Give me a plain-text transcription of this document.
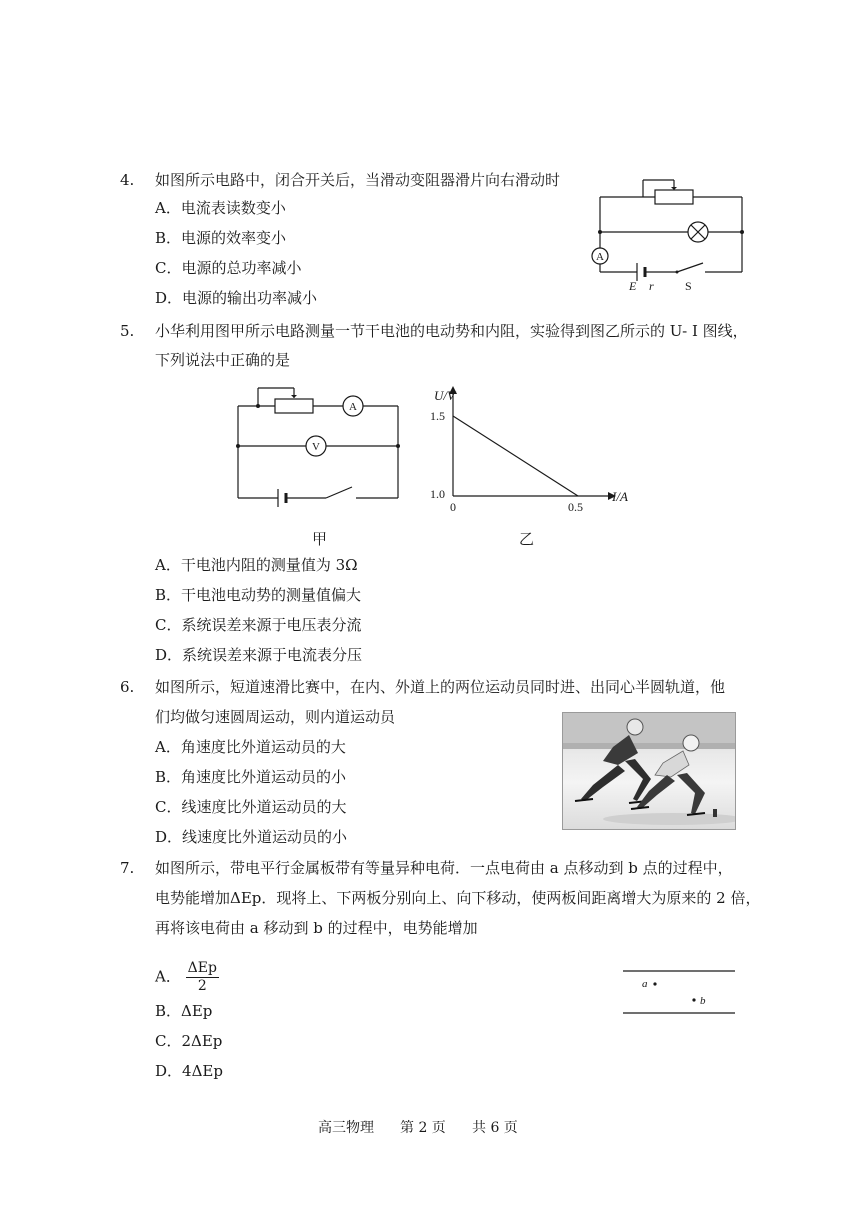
4. 如图所示电路中，闭合开关后，当滑动变阻器滑片向右滑动时
A．电流表读数变小
B．电源的效率变小
C．电源的总功率减小
D．电源的输出功率减小
A
E r	S
5. 小华利用图甲所示电路测量一节干电池的电动势和内阻，实验得到图乙所示的 U- I 图线，
下列说法中正确的是
A
V
甲
U/V
I/A
1.5
1.0
0	0.5
乙
A．干电池内阻的测量值为 3Ω
B．干电池电动势的测量值偏大
C．系统误差来源于电压表分流
D．系统误差来源于电流表分压
6. 如图所示，短道速滑比赛中，在内、外道上的两位运动员同时进、出同心半圆轨道，他
们均做匀速圆周运动，则内道运动员
A．角速度比外道运动员的大
B．角速度比外道运动员的小
C．线速度比外道运动员的大
D．线速度比外道运动员的小
7. 如图所示，带电平行金属板带有等量异种电荷．一点电荷由 a 点移动到 b 点的过程中，
电势能增加ΔEp．现将上、下两板分别向上、向下移动，使两板间距离增大为原来的 2 倍，
再将该电荷由 a 移动到 b 的过程中，电势能增加
A． $\frac{\text{ΔEp}}{2}$
B．ΔEp
C．2ΔEp
D．4ΔEp
a
b
高三物理 第 2 页 共 6 页
